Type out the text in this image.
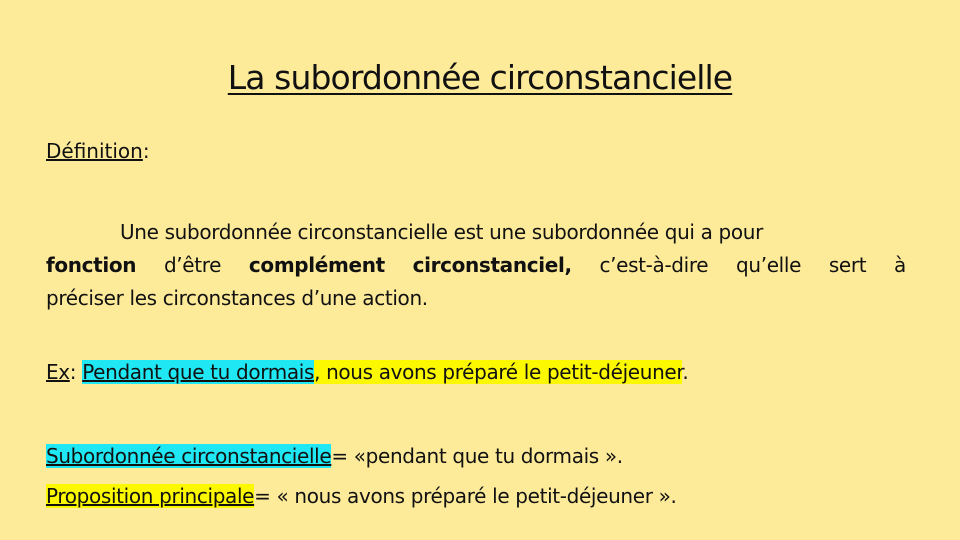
La subordonnée circonstancielle
Définition:
Une subordonnée circonstancielle est une subordonnée qui a pour
fonction d’être complément circonstanciel, c’est-à-dire qu’elle sert à
préciser les circonstances d’une action.
Ex: Pendant que tu dormais, nous avons préparé le petit-déjeuner.
Subordonnée circonstancielle= «pendant que tu dormais ».
Proposition principale= « nous avons préparé le petit-déjeuner ».
